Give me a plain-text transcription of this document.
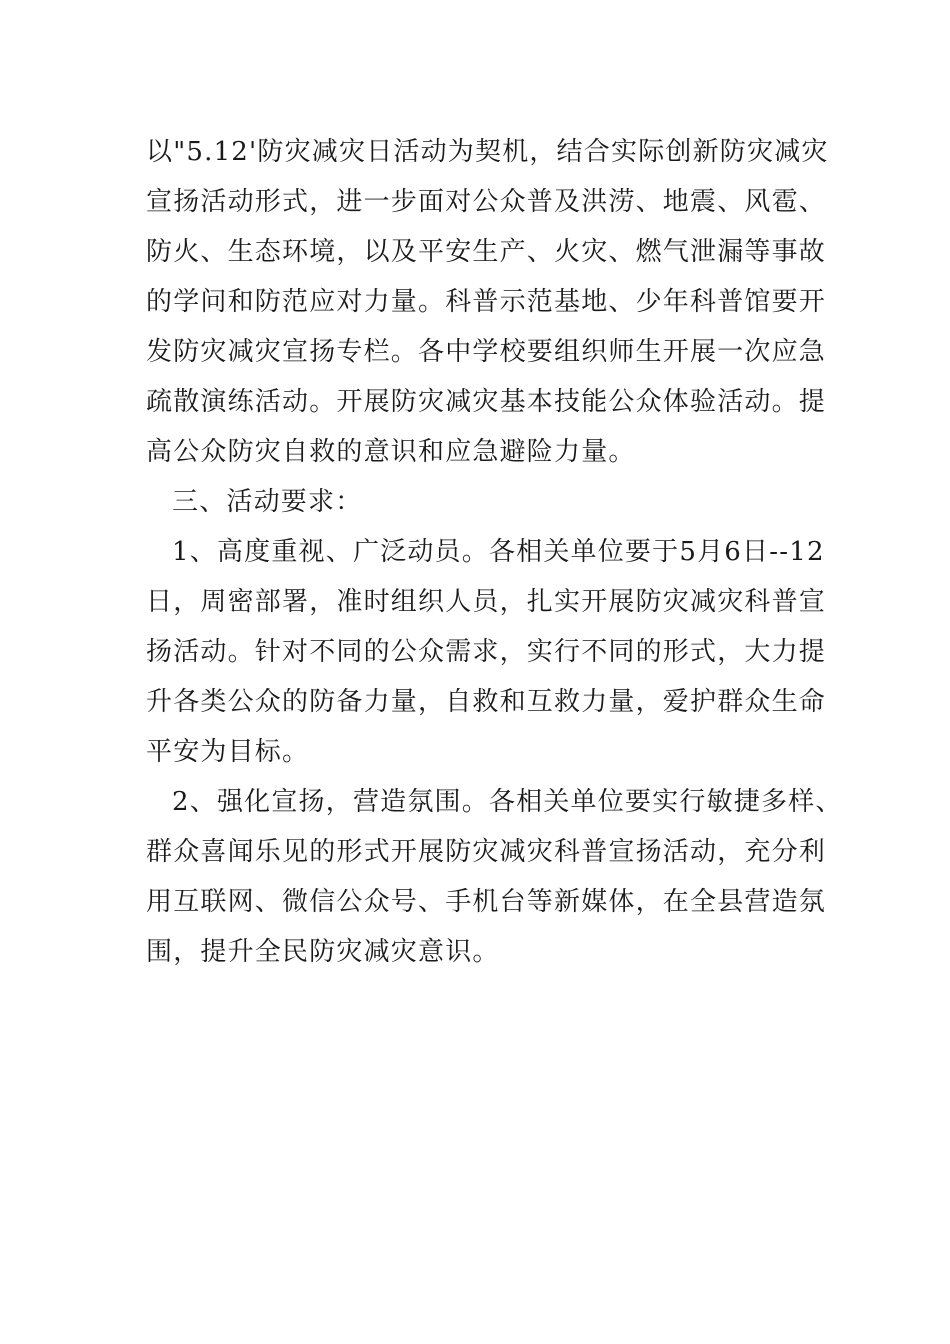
以"5.12'防灾减灾日活动为契机，结合实际创新防灾减灾
宣扬活动形式，进一步面对公众普及洪涝、地震、风雹、
防火、生态环境，以及平安生产、火灾、燃气泄漏等事故
的学问和防范应对力量。科普示范基地、少年科普馆要开
发防灾减灾宣扬专栏。各中学校要组织师生开展一次应急
疏散演练活动。开展防灾减灾基本技能公众体验活动。提
高公众防灾自救的意识和应急避险力量。
三、活动要求：
1、高度重视、广泛动员。各相关单位要于5月6日--12
日，周密部署，准时组织人员，扎实开展防灾减灾科普宣
扬活动。针对不同的公众需求，实行不同的形式，大力提
升各类公众的防备力量，自救和互救力量，爱护群众生命
平安为目标。
2、强化宣扬，营造氛围。各相关单位要实行敏捷多样、
群众喜闻乐见的形式开展防灾减灾科普宣扬活动，充分利
用互联网、微信公众号、手机台等新媒体，在全县营造氛
围，提升全民防灾减灾意识。
